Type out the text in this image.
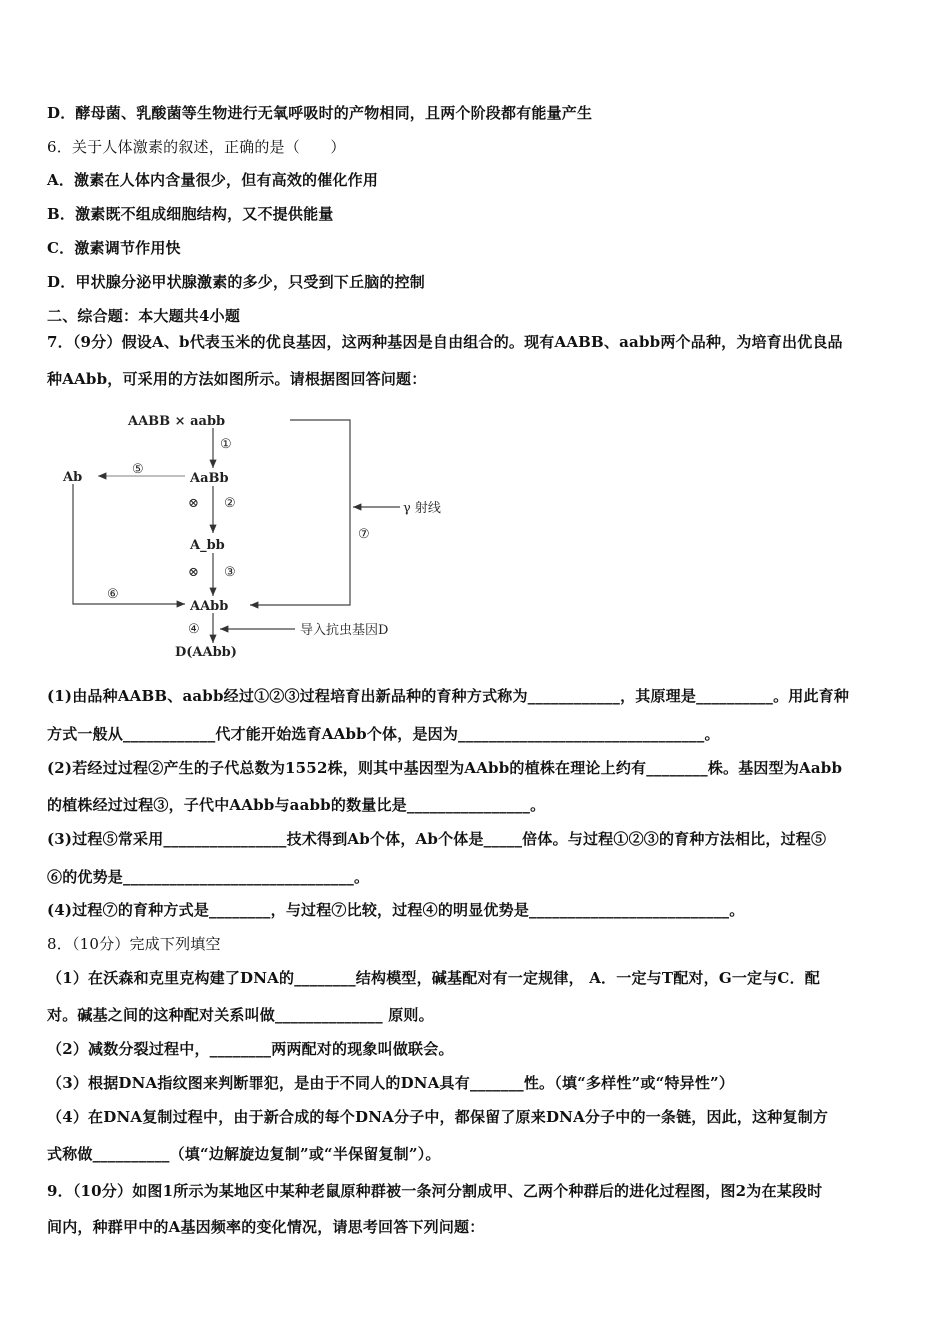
D．酵母菌、乳酸菌等生物进行无氧呼吸时的产物相同，且两个阶段都有能量产生
6．关于人体激素的叙述，正确的是（　　）
A．激素在人体内含量很少，但有高效的催化作用
B．激素既不组成细胞结构，又不提供能量
C．激素调节作用快
D．甲状腺分泌甲状腺激素的多少，只受到下丘脑的控制
二、综合题：本大题共4小题
7．（9分）假设A、b代表玉米的优良基因，这两种基因是自由组合的。现有AABB、aabb两个品种，为培育出优良品
种AAbb，可采用的方法如图所示。请根据图回答问题：
AABB × aabb
AaBb
A_bb
AAbb
Ab
D(AAbb)
γ 射线
导入抗虫基因D
⊗
⊗
①
②
③
④
⑤
⑥
⑦
(1)由品种AABB、aabb经过①②③过程培育出新品种的育种方式称为____________，其原理是__________。用此育种
方式一般从____________代才能开始选育AAbb个体，是因为________________________________。
(2)若经过过程②产生的子代总数为1552株，则其中基因型为AAbb的植株在理论上约有________株。基因型为Aabb
的植株经过过程③，子代中AAbb与aabb的数量比是________________。
(3)过程⑤常采用________________技术得到Ab个体，Ab个体是_____倍体。与过程①②③的育种方法相比，过程⑤
⑥的优势是______________________________。
(4)过程⑦的育种方式是________，与过程⑦比较，过程④的明显优势是__________________________。
8．（10分）完成下列填空
（1）在沃森和克里克构建了DNA的________结构模型，碱基配对有一定规律， A．一定与T配对，G一定与C．配
对。碱基之间的这种配对关系叫做______________ 原则。
（2）减数分裂过程中，________两两配对的现象叫做联会。
（3）根据DNA指纹图来判断罪犯，是由于不同人的DNA具有_______性。（填“多样性”或“特异性”）
（4）在DNA复制过程中，由于新合成的每个DNA分子中，都保留了原来DNA分子中的一条链，因此，这种复制方
式称做__________（填“边解旋边复制”或“半保留复制”）。
9．（10分）如图1所示为某地区中某种老鼠原种群被一条河分割成甲、乙两个种群后的进化过程图，图2为在某段时
间内，种群甲中的A基因频率的变化情况，请思考回答下列问题：
